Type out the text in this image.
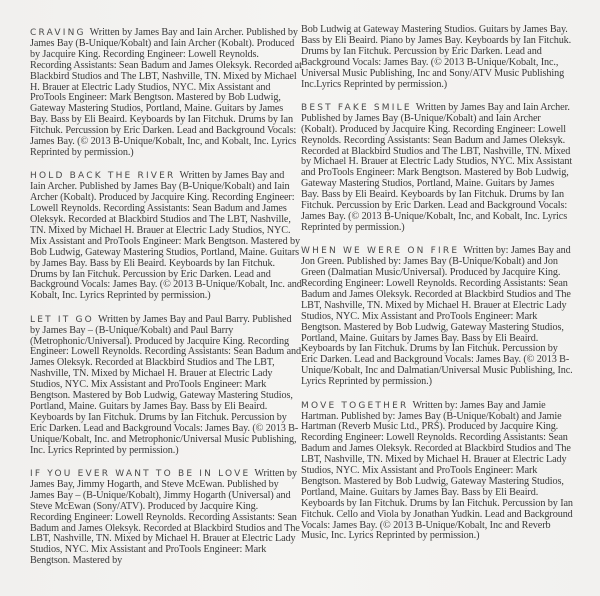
CRAVING Written by James Bay and Iain Archer. Published by James Bay (B-Unique/Kobalt) and Iain Archer (Kobalt). Produced by Jacquire King. Recording Engineer: Lowell Reynolds. Recording Assistants: Sean Badum and James Oleksyk. Recorded at Blackbird Studios and The LBT, Nashville, TN. Mixed by Michael H. Brauer at Electric Lady Studios, NYC. Mix Assistant and ProTools Engineer: Mark Bengtson. Mastered by Bob Ludwig, Gateway Mastering Studios, Portland, Maine. Guitars by James Bay. Bass by Eli Beaird. Keyboards by Ian Fitchuk. Drums by Ian Fitchuk. Percussion by Eric Darken. Lead and Background Vocals: James Bay. (© 2013 B-Unique/Kobalt, Inc, and Kobalt, Inc. Lyrics Reprinted by permission.)

HOLD BACK THE RIVER Written by James Bay and Iain Archer. Published by James Bay (B-Unique/Kobalt) and Iain Archer (Kobalt). Produced by Jacquire King. Recording Engineer: Lowell Reynolds. Recording Assistants: Sean Badum and James Oleksyk. Recorded at Blackbird Studios and The LBT, Nashville, TN. Mixed by Michael H. Brauer at Electric Lady Studios, NYC. Mix Assistant and ProTools Engineer: Mark Bengtson. Mastered by Bob Ludwig, Gateway Mastering Studios, Portland, Maine. Guitars by James Bay. Bass by Eli Beaird. Keyboards by Ian Fitchuk. Drums by Ian Fitchuk. Percussion by Eric Darken. Lead and Background Vocals: James Bay. (© 2013 B-Unique/Kobalt, Inc. and Kobalt, Inc. Lyrics Reprinted by permission.)

LET IT GO Written by James Bay and Paul Barry. Published by James Bay – (B-Unique/Kobalt) and Paul Barry (Metrophonic/Universal). Produced by Jacquire King. Recording Engineer: Lowell Reynolds. Recording Assistants: Sean Badum and James Oleksyk. Recorded at Blackbird Studios and The LBT, Nashville, TN. Mixed by Michael H. Brauer at Electric Lady Studios, NYC. Mix Assistant and ProTools Engineer: Mark Bengtson. Mastered by Bob Ludwig, Gateway Mastering Studios, Portland, Maine. Guitars by James Bay. Bass by Eli Beaird. Keyboards by Ian Fitchuk. Drums by Ian Fitchuk. Percussion by Eric Darken. Lead and Background Vocals: James Bay. (© 2013 B-Unique/Kobalt, Inc. and Metrophonic/Universal Music Publishing, Inc. Lyrics Reprinted by permission.)

IF YOU EVER WANT TO BE IN LOVE Written by James Bay, Jimmy Hogarth, and Steve McEwan. Published by James Bay – (B-Unique/Kobalt), Jimmy Hogarth (Universal) and Steve McEwan (Sony/ATV). Produced by Jacquire King. Recording Engineer: Lowell Reynolds. Recording Assistants: Sean Badum and James Oleksyk. Recorded at Blackbird Studios and The LBT, Nashville, TN. Mixed by Michael H. Brauer at Electric Lady Studios, NYC. Mix Assistant and ProTools Engineer: Mark Bengtson. Mastered by

Bob Ludwig at Gateway Mastering Studios. Guitars by James Bay. Bass by Eli Beaird. Piano by James Bay. Keyboards by Ian Fitchuk. Drums by Ian Fitchuk. Percussion by Eric Darken. Lead and Background Vocals: James Bay. (© 2013 B-Unique/Kobalt, Inc., Universal Music Publishing, Inc and Sony/ATV Music Publishing Inc.Lyrics Reprinted by permission.)

BEST FAKE SMILE Written by James Bay and Iain Archer. Published by James Bay (B-Unique/Kobalt) and Iain Archer (Kobalt). Produced by Jacquire King. Recording Engineer: Lowell Reynolds. Recording Assistants: Sean Badum and James Oleksyk. Recorded at Blackbird Studios and The LBT, Nashville, TN. Mixed by Michael H. Brauer at Electric Lady Studios, NYC. Mix Assistant and ProTools Engineer: Mark Bengtson. Mastered by Bob Ludwig, Gateway Mastering Studios, Portland, Maine. Guitars by James Bay. Bass by Eli Beaird. Keyboards by Ian Fitchuk. Drums by Ian Fitchuk. Percussion by Eric Darken. Lead and Background Vocals: James Bay. (© 2013 B-Unique/Kobalt, Inc, and Kobalt, Inc. Lyrics Reprinted by permission.)

WHEN WE WERE ON FIRE Written by: James Bay and Jon Green. Published by: James Bay (B-Unique/Kobalt) and Jon Green (Dalmatian Music/Universal). Produced by Jacquire King. Recording Engineer: Lowell Reynolds. Recording Assistants: Sean Badum and James Oleksyk. Recorded at Blackbird Studios and The LBT, Nashville, TN. Mixed by Michael H. Brauer at Electric Lady Studios, NYC. Mix Assistant and ProTools Engineer: Mark Bengtson. Mastered by Bob Ludwig, Gateway Mastering Studios, Portland, Maine. Guitars by James Bay. Bass by Eli Beaird. Keyboards by Ian Fitchuk. Drums by Ian Fitchuk. Percussion by Eric Darken. Lead and Background Vocals: James Bay. (© 2013 B-Unique/Kobalt, Inc and Dalmatian/Universal Music Publishing, Inc. Lyrics Reprinted by permission.)

MOVE TOGETHER Written by: James Bay and Jamie Hartman. Published by: James Bay (B-Unique/Kobalt) and Jamie Hartman (Reverb Music Ltd., PRS). Produced by Jacquire King. Recording Engineer: Lowell Reynolds. Recording Assistants: Sean Badum and James Oleksyk. Recorded at Blackbird Studios and The LBT, Nashville, TN. Mixed by Michael H. Brauer at Electric Lady Studios, NYC. Mix Assistant and ProTools Engineer: Mark Bengtson. Mastered by Bob Ludwig, Gateway Mastering Studios, Portland, Maine. Guitars by James Bay. Bass by Eli Beaird. Keyboards by Ian Fitchuk. Drums by Ian Fitchuk. Percussion by Ian Fitchuk. Cello and Viola by Jonathan Yudkin. Lead and Background Vocals: James Bay. (© 2013 B-Unique/Kobalt, Inc and Reverb Music, Inc. Lyrics Reprinted by permission.)
